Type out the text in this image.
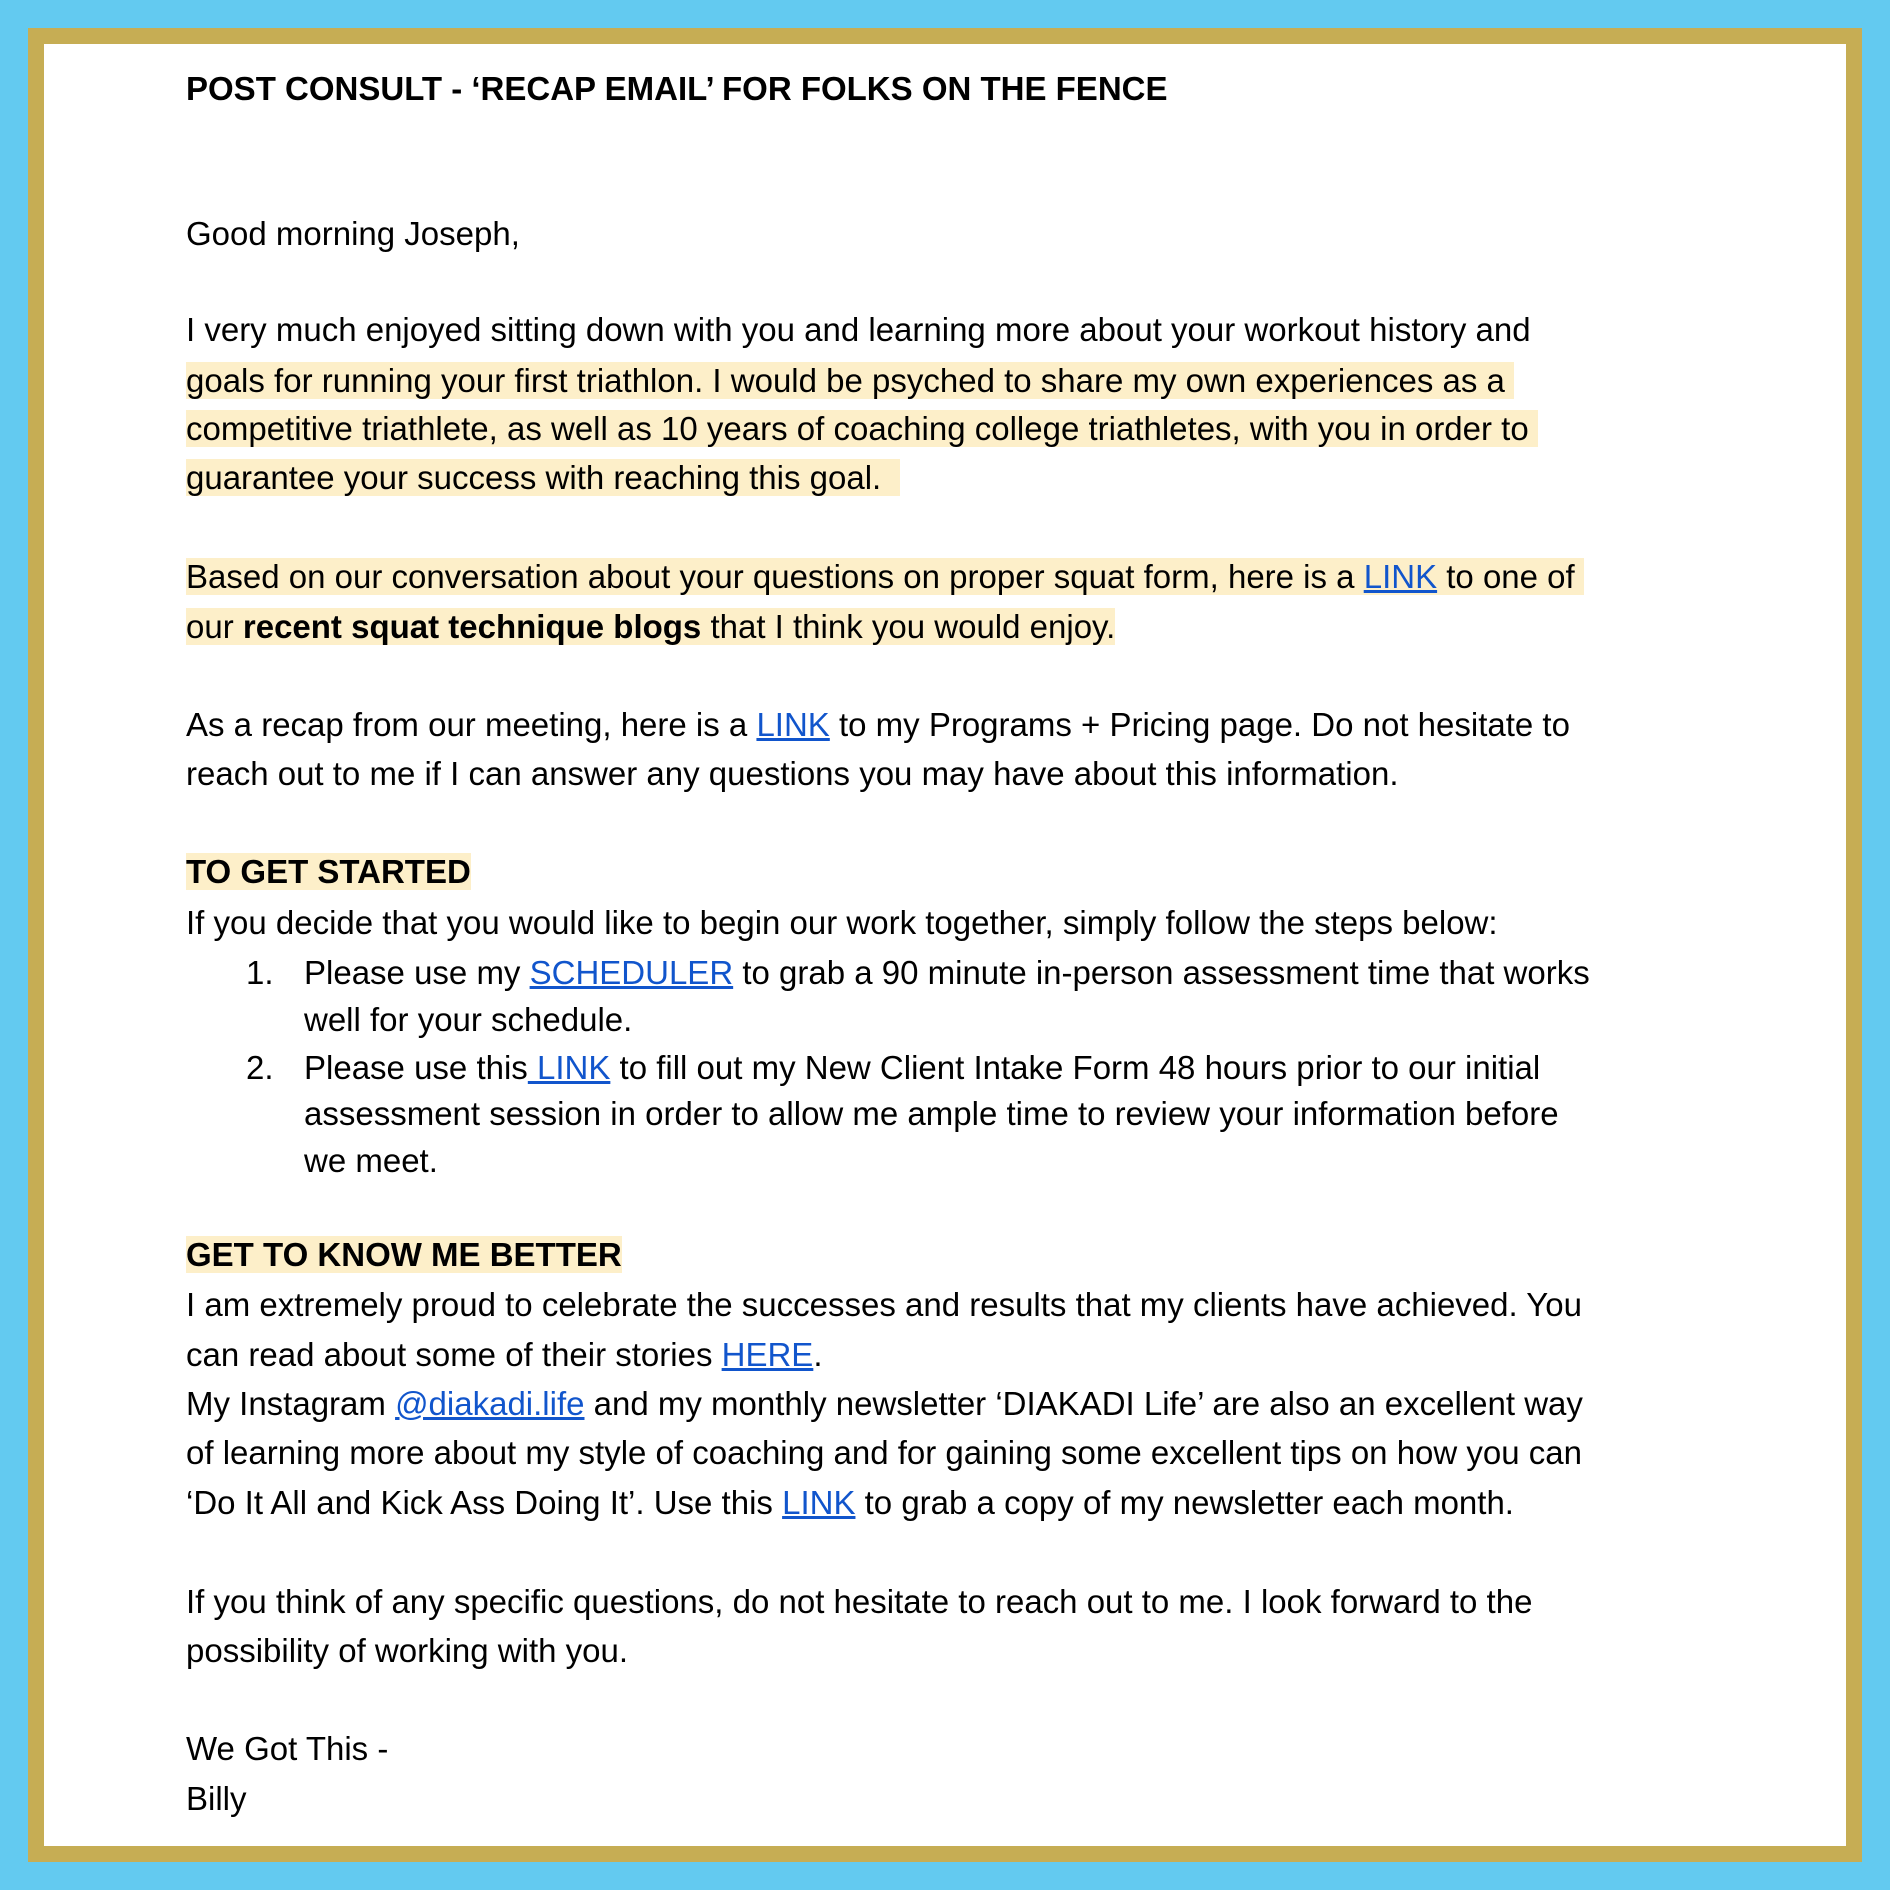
POST CONSULT - ‘RECAP EMAIL’ FOR FOLKS ON THE FENCE
Good morning Joseph,
I very much enjoyed sitting down with you and learning more about your workout history and
goals for running your first triathlon. I would be psyched to share my own experiences as a
competitive triathlete, as well as 10 years of coaching college triathletes, with you in order to
guarantee your success with reaching this goal.
Based on our conversation about your questions on proper squat form, here is a LINK to one of
our recent squat technique blogs that I think you would enjoy.
As a recap from our meeting, here is a LINK to my Programs + Pricing page. Do not hesitate to
reach out to me if I can answer any questions you may have about this information.
TO GET STARTED
If you decide that you would like to begin our work together, simply follow the steps below:
1. Please use my SCHEDULER to grab a 90 minute in-person assessment time that works
well for your schedule.
2. Please use this LINK to fill out my New Client Intake Form 48 hours prior to our initial
assessment session in order to allow me ample time to review your information before
we meet.
GET TO KNOW ME BETTER
I am extremely proud to celebrate the successes and results that my clients have achieved. You
can read about some of their stories HERE.
My Instagram @diakadi.life and my monthly newsletter ‘DIAKADI Life’ are also an excellent way
of learning more about my style of coaching and for gaining some excellent tips on how you can
‘Do It All and Kick Ass Doing It’. Use this LINK to grab a copy of my newsletter each month.
If you think of any specific questions, do not hesitate to reach out to me. I look forward to the
possibility of working with you.
We Got This -
Billy
